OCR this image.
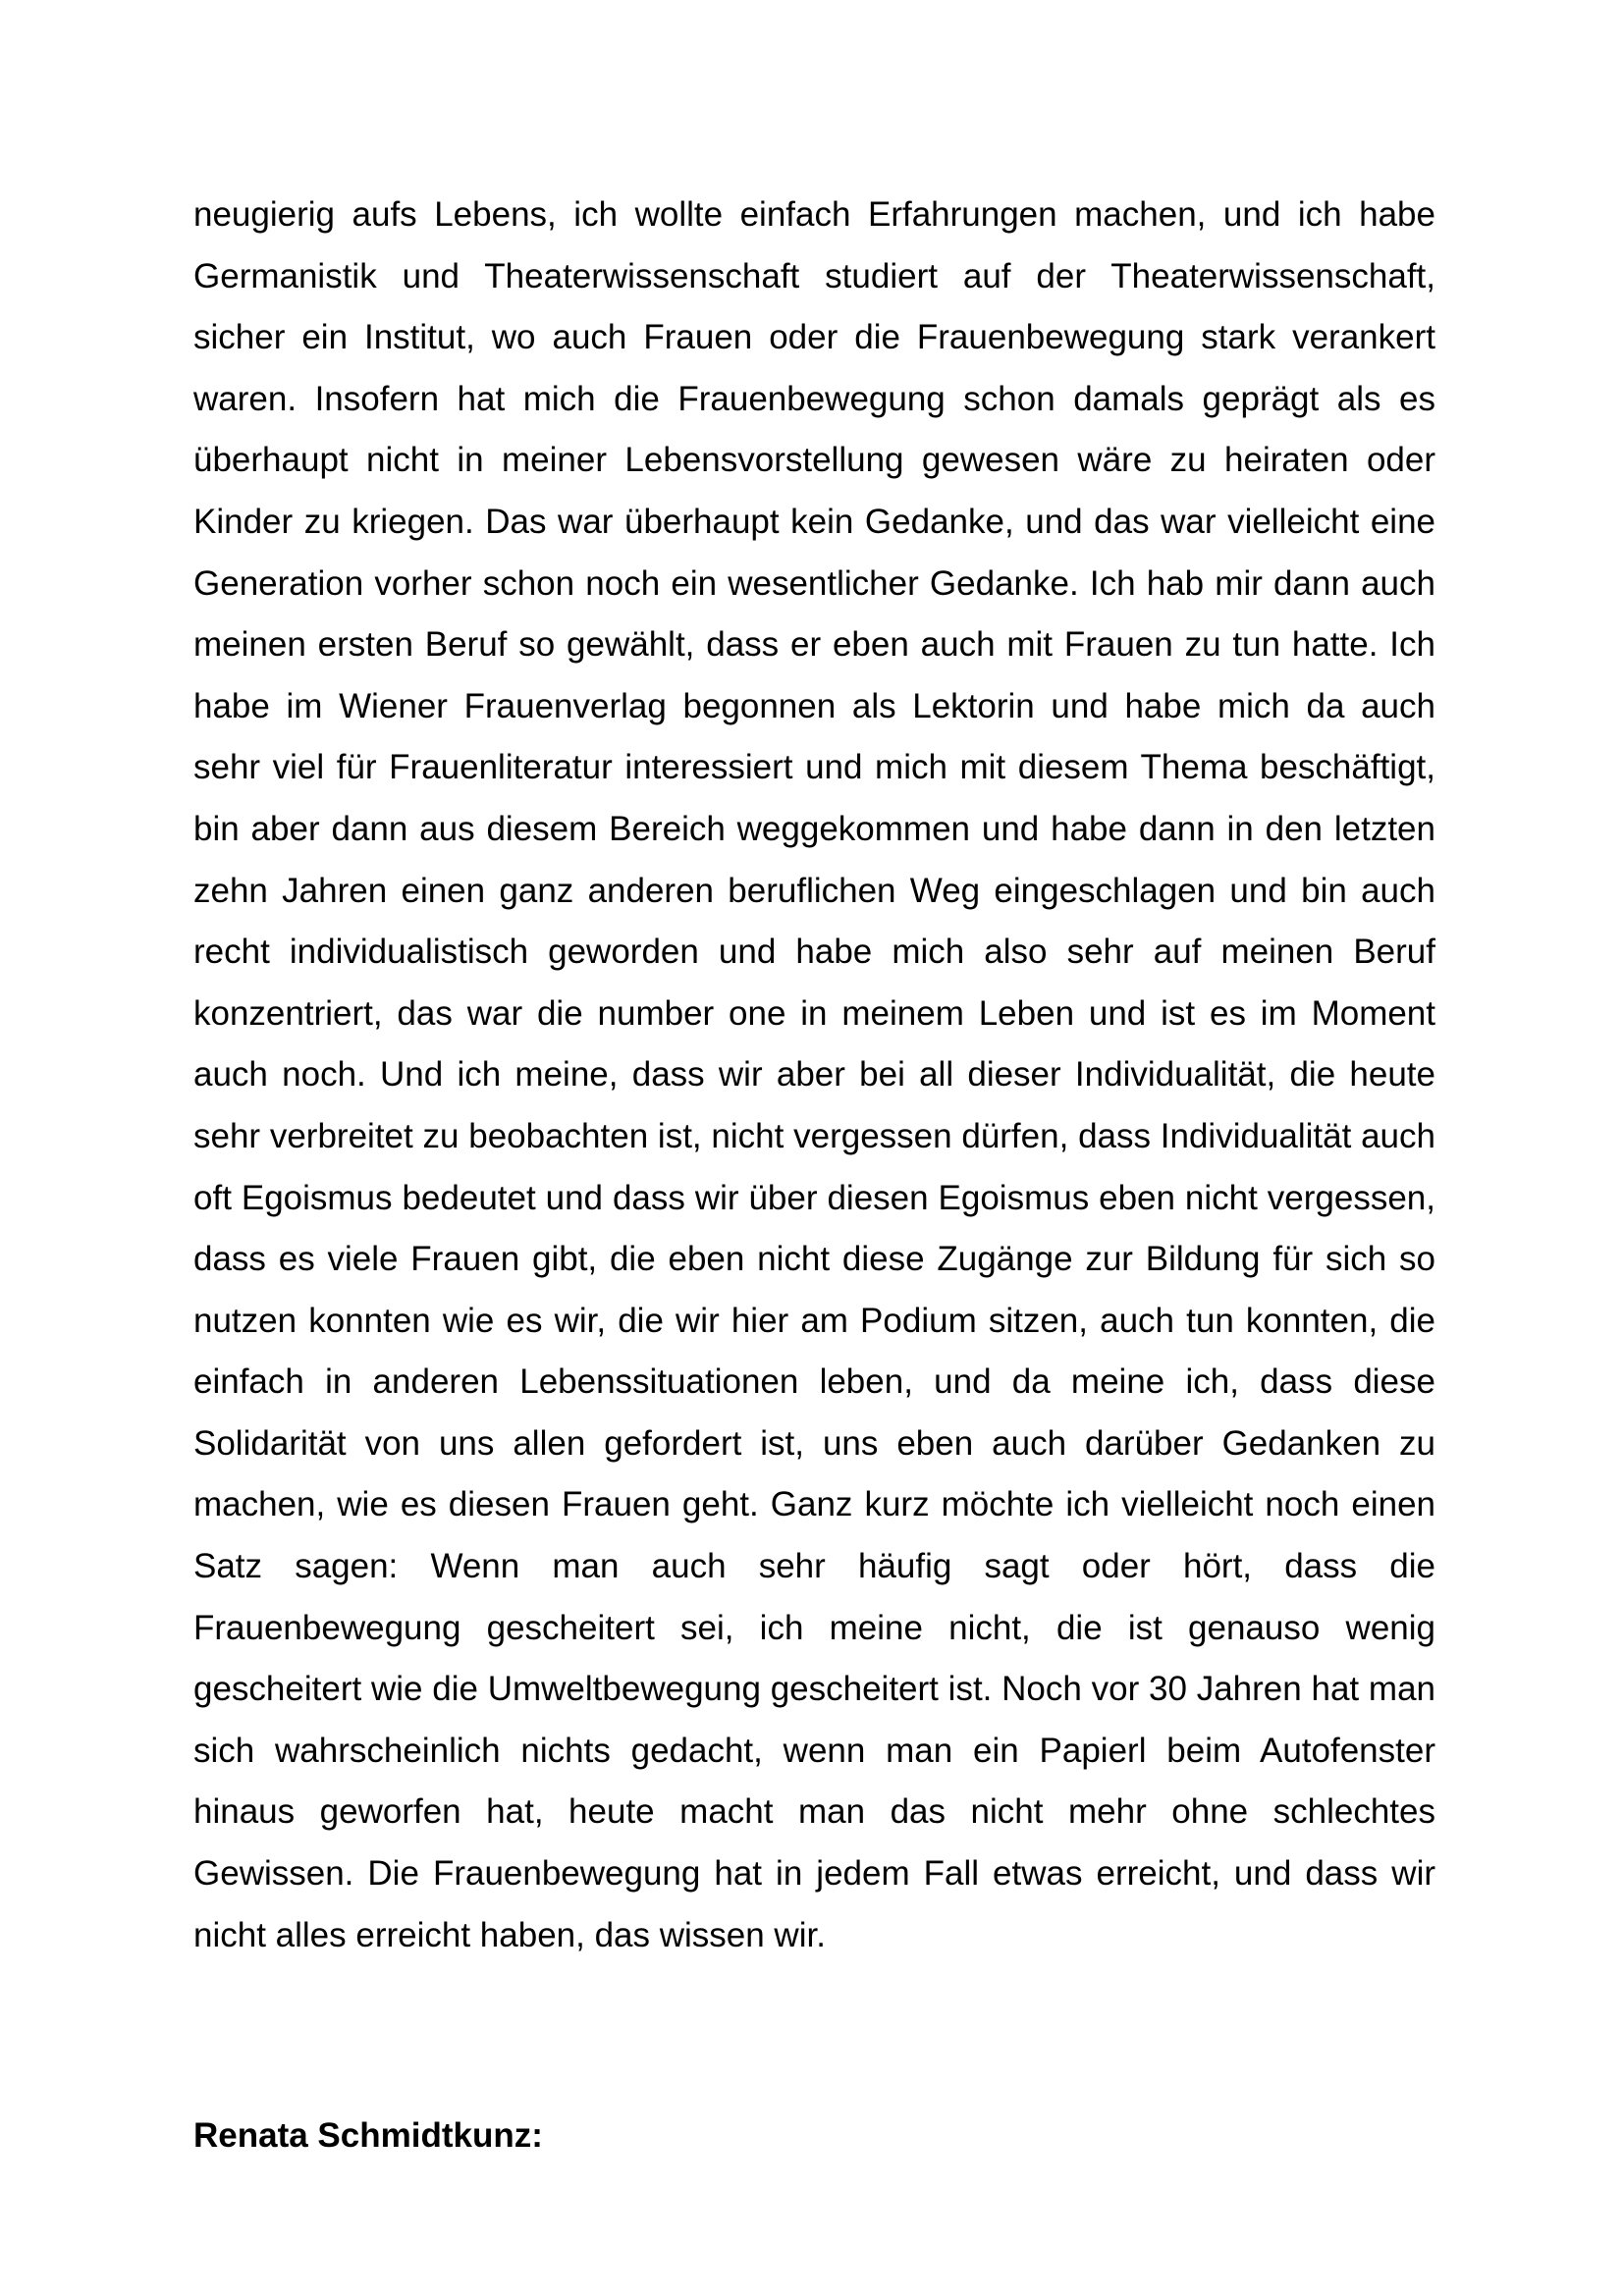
neugierig aufs Lebens, ich wollte einfach Erfahrungen machen, und ich habe Germanistik und Theaterwissenschaft studiert auf der Theaterwissenschaft, sicher ein Institut, wo auch Frauen oder die Frauenbewegung stark verankert waren. Insofern hat mich die Frauenbewegung schon damals geprägt als es überhaupt nicht in meiner Lebensvorstellung gewesen wäre zu heiraten oder Kinder zu kriegen. Das war überhaupt kein Gedanke, und das war vielleicht eine Generation vorher schon noch ein wesentlicher Gedanke. Ich hab mir dann auch meinen ersten Beruf so gewählt, dass er eben auch mit Frauen zu tun hatte. Ich habe im Wiener Frauenverlag begonnen als Lektorin und habe mich da auch sehr viel für Frauenliteratur interessiert und mich mit diesem Thema beschäftigt, bin aber dann aus diesem Bereich weggekommen und habe dann in den letzten zehn Jahren einen ganz anderen beruflichen Weg eingeschlagen und bin auch recht individualistisch geworden und habe mich also sehr auf meinen Beruf konzentriert, das war die number one in meinem Leben und ist es im Moment auch noch. Und ich meine, dass wir aber bei all dieser Individualität, die heute sehr verbreitet zu beobachten ist, nicht vergessen dürfen, dass Individualität auch oft Egoismus bedeutet und dass wir über diesen Egoismus eben nicht vergessen, dass es viele Frauen gibt, die eben nicht diese Zugänge zur Bildung für sich so nutzen konnten wie es wir, die wir hier am Podium sitzen, auch tun konnten, die einfach in anderen Lebenssituationen leben, und da meine ich, dass diese Solidarität von uns allen gefordert ist, uns eben auch darüber Gedanken zu machen, wie es diesen Frauen geht. Ganz kurz möchte ich vielleicht noch einen Satz sagen: Wenn man auch sehr häufig sagt oder hört, dass die Frauenbewegung gescheitert sei, ich meine nicht, die ist genauso wenig gescheitert wie die Umweltbewegung gescheitert ist. Noch vor 30 Jahren hat man sich wahrscheinlich nichts gedacht, wenn man ein Papierl beim Autofenster hinaus geworfen hat, heute macht man das nicht mehr ohne schlechtes Gewissen. Die Frauenbewegung hat in jedem Fall etwas erreicht, und dass wir nicht alles erreicht haben, das wissen wir.

Renata Schmidtkunz:
